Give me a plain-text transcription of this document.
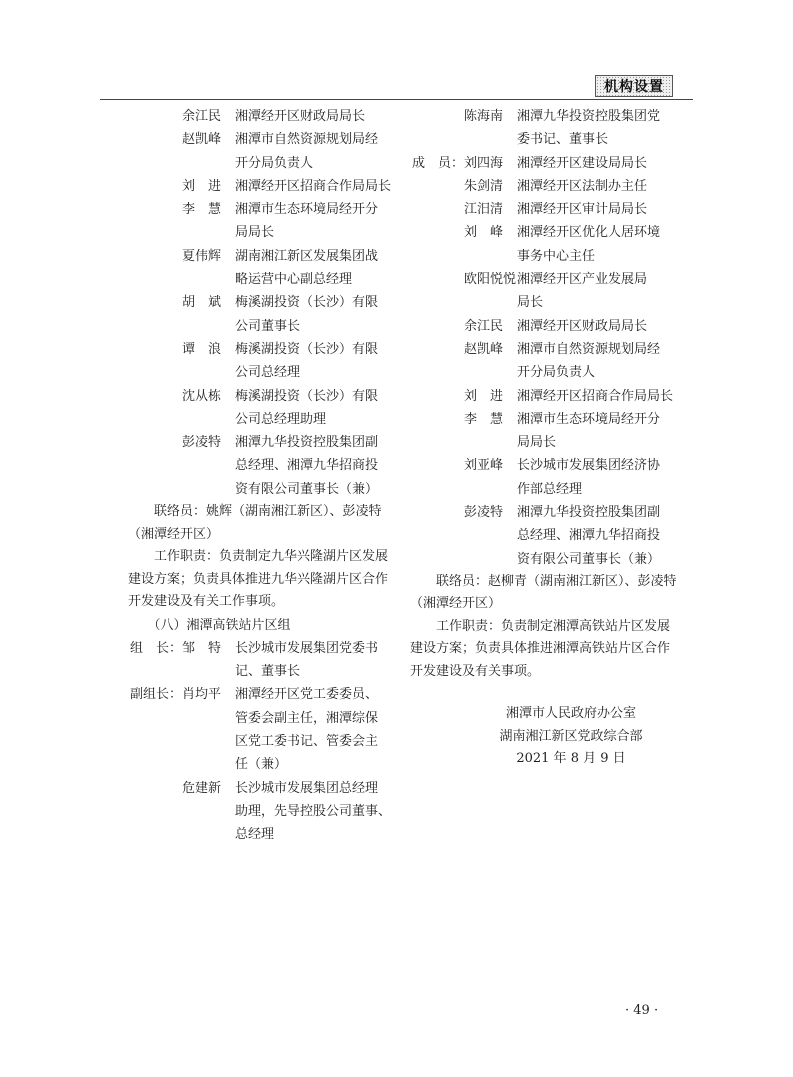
机构设置
余江民	湘潭经开区财政局局长
赵凯峰	湘潭市自然资源规划局经
开分局负责人
刘　进	湘潭经开区招商合作局局长
李　慧	湘潭市生态环境局经开分
局局长
夏伟辉	湖南湘江新区发展集团战
略运营中心副总经理
胡　斌	梅溪湖投资（长沙）有限
公司董事长
谭　浪	梅溪湖投资（长沙）有限
公司总经理
沈从栋	梅溪湖投资（长沙）有限
公司总经理助理
彭凌特	湘潭九华投资控股集团副
总经理、湘潭九华招商投
资有限公司董事长（兼）
　　联络员：姚辉（湖南湘江新区）、彭凌特
（湘潭经开区）
　　工作职责：负责制定九华兴隆湖片区发展
建设方案；负责具体推进九华兴隆湖片区合作
开发建设及有关工作事项。
　　（八）湘潭高铁站片区组
组　长： 邹　特	长沙城市发展集团党委书
记、董事长
副组长： 肖均平	湘潭经开区党工委委员、
管委会副主任，湘潭综保
区党工委书记、管委会主
任（兼）
危建新	长沙城市发展集团总经理
助理，先导控股公司董事、
总经理
陈海南	湘潭九华投资控股集团党
委书记、董事长
成　员： 刘四海	湘潭经开区建设局局长
朱剑清	湘潭经开区法制办主任
江汨清	湘潭经开区审计局局长
刘　峰	湘潭经开区优化人居环境
事务中心主任
欧阳悦悦 湘潭经开区产业发展局
局长
余江民	湘潭经开区财政局局长
赵凯峰	湘潭市自然资源规划局经
开分局负责人
刘　进	湘潭经开区招商合作局局长
李　慧	湘潭市生态环境局经开分
局局长
刘亚峰	长沙城市发展集团经济协
作部总经理
彭凌特	湘潭九华投资控股集团副
总经理、湘潭九华招商投
资有限公司董事长（兼）
　　联络员：赵柳青（湖南湘江新区）、彭凌特
（湘潭经开区）
　　工作职责：负责制定湘潭高铁站片区发展
建设方案；负责具体推进湘潭高铁站片区合作
开发建设及有关事项。
湘潭市人民政府办公室
湖南湘江新区党政综合部
2021 年 8 月 9 日
· 49 ·
